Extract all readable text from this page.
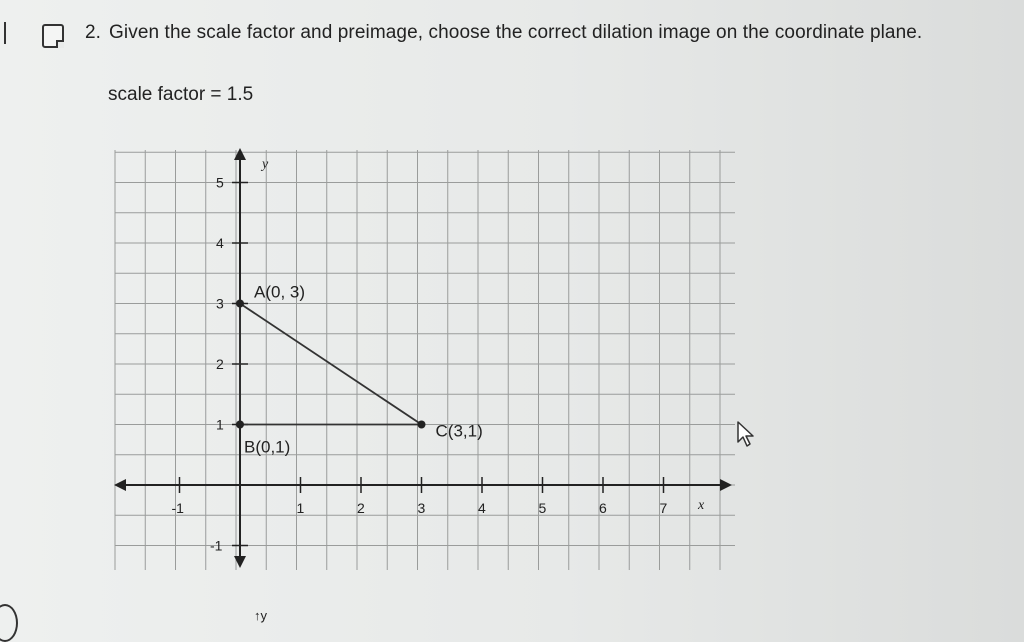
2. Given the scale factor and preimage, choose the correct dilation image on the coordinate plane.
scale factor = 1.5
-1	1	2	3	4	5	6	7
5
4
3
2
1
-1
x
y
A(0, 3)
B(0,1)
C(3,1)
↑y
